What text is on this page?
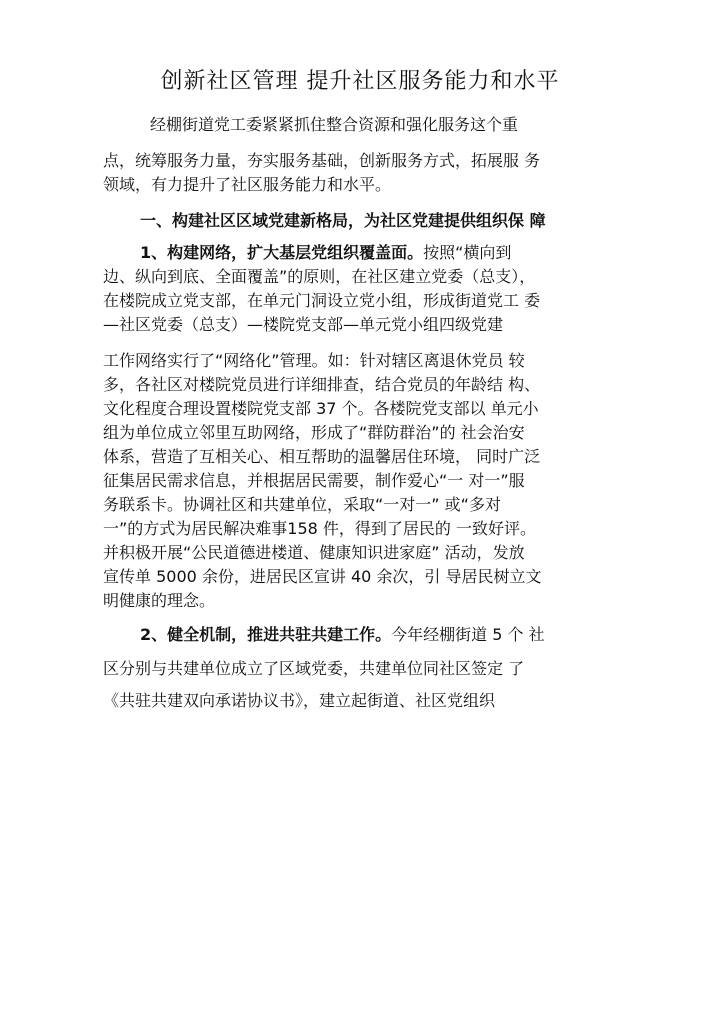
创新社区管理 提升社区服务能力和水平
经棚街道党工委紧紧抓住整合资源和强化服务这个重
点，统筹服务力量，夯实服务基础，创新服务方式，拓展服 务
领域，有力提升了社区服务能力和水平。
一、构建社区区域党建新格局，为社区党建提供组织保 障
1、构建网络，扩大基层党组织覆盖面。按照“横向到
边、纵向到底、全面覆盖”的原则，在社区建立党委（总支），
在楼院成立党支部，在单元门洞设立党小组，形成街道党工 委
—社区党委（总支）—楼院党支部—单元党小组四级党建
工作网络实行了“网络化”管理。如：针对辖区离退休党员 较
多，各社区对楼院党员进行详细排查，结合党员的年龄结 构、
文化程度合理设置楼院党支部 37 个。各楼院党支部以 单元小
组为单位成立邻里互助网络，形成了“群防群治”的 社会治安
体系，营造了互相关心、相互帮助的温馨居住环境， 同时广泛
征集居民需求信息，并根据居民需要，制作爱心“一 对一”服
务联系卡。协调社区和共建单位，采取“一对一” 或“多对
一”的方式为居民解决难事158 件，得到了居民的 一致好评。
并积极开展“公民道德进楼道、健康知识进家庭” 活动，发放
宣传单 5000 余份，进居民区宣讲 40 余次，引 导居民树立文
明健康的理念。
2、健全机制，推进共驻共建工作。今年经棚街道 5 个 社
区分别与共建单位成立了区域党委，共建单位同社区签定 了
《共驻共建双向承诺协议书》，建立起街道、社区党组织
